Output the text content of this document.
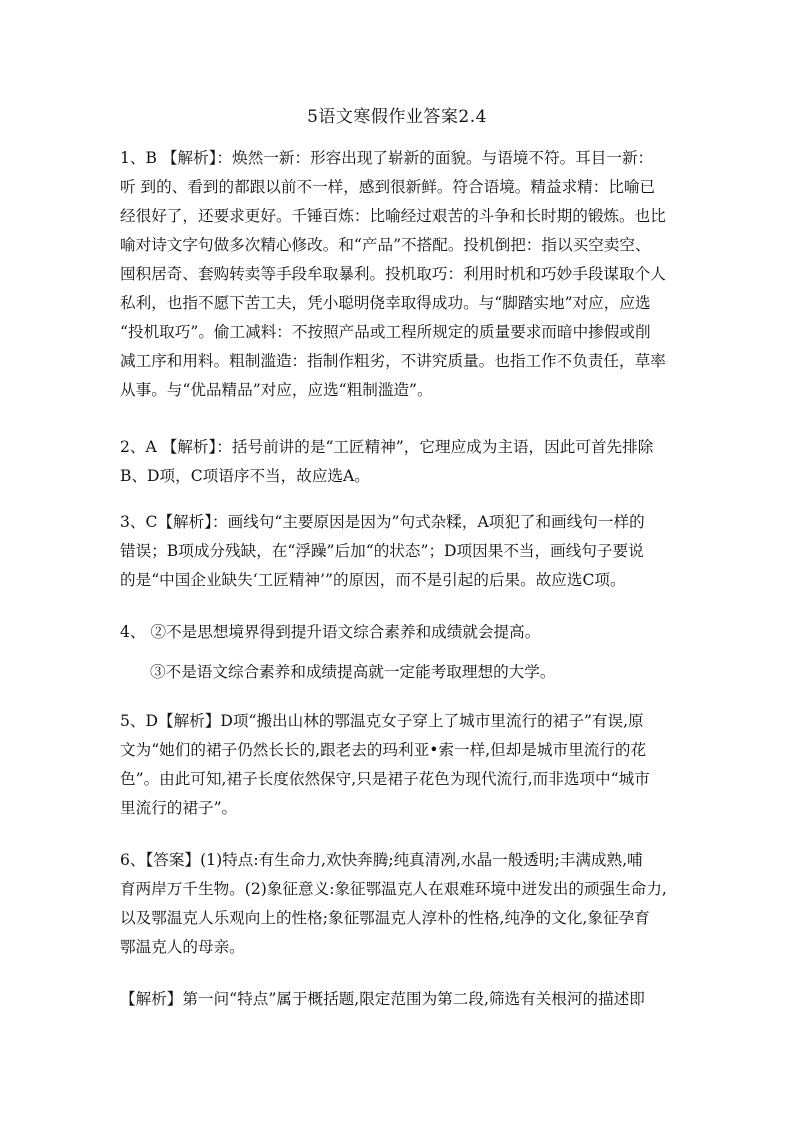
5语文寒假作业答案2.4
1、B 【解析】：焕然一新：形容出现了崭新的面貌。与语境不符。耳目一新：
听 到的、看到的都跟以前不一样，感到很新鲜。符合语境。精益求精：比喻已
经很好了，还要求更好。千锤百炼：比喻经过艰苦的斗争和长时期的锻炼。也比
喻对诗文字句做多次精心修改。和“产品”不搭配。投机倒把：指以买空卖空、
囤积居奇、套购转卖等手段牟取暴利。投机取巧：利用时机和巧妙手段谋取个人
私利，也指不愿下苦工夫，凭小聪明侥幸取得成功。与“脚踏实地”对应，应选
“投机取巧”。偷工减料：不按照产品或工程所规定的质量要求而暗中掺假或削
减工序和用料。粗制滥造：指制作粗劣，不讲究质量。也指工作不负责任，草率
从事。与“优品精品”对应，应选“粗制滥造”。
2、A 【解析】：括号前讲的是“工匠精神”，它理应成为主语，因此可首先排除
B、D项，C项语序不当，故应选A。
3、C【解析】：画线句“主要原因是因为”句式杂糅，A项犯了和画线句一样的
错误；B项成分残缺，在“浮躁”后加“的状态”；D项因果不当，画线句子要说
的是“中国企业缺失‘工匠精神’”的原因，而不是引起的后果。故应选C项。
4、 ②不是思想境界得到提升语文综合素养和成绩就会提高。
③不是语文综合素养和成绩提高就一定能考取理想的大学。
5、D【解析】D项“搬出山林的鄂温克女子穿上了城市里流行的裙子”有误,原
文为“她们的裙子仍然长长的,跟老去的玛利亚•索一样,但却是城市里流行的花
色”。由此可知,裙子长度依然保守,只是裙子花色为现代流行,而非选项中“城市
里流行的裙子”。
6、【答案】(1)特点:有生命力,欢快奔腾;纯真清冽,水晶一般透明;丰满成熟,哺
育两岸万千生物。(2)象征意义:象征鄂温克人在艰难环境中迸发出的顽强生命力,
以及鄂温克人乐观向上的性格;象征鄂温克人淳朴的性格,纯净的文化,象征孕育
鄂温克人的母亲。
【解析】第一问“特点”属于概括题,限定范围为第二段,筛选有关根河的描述即
